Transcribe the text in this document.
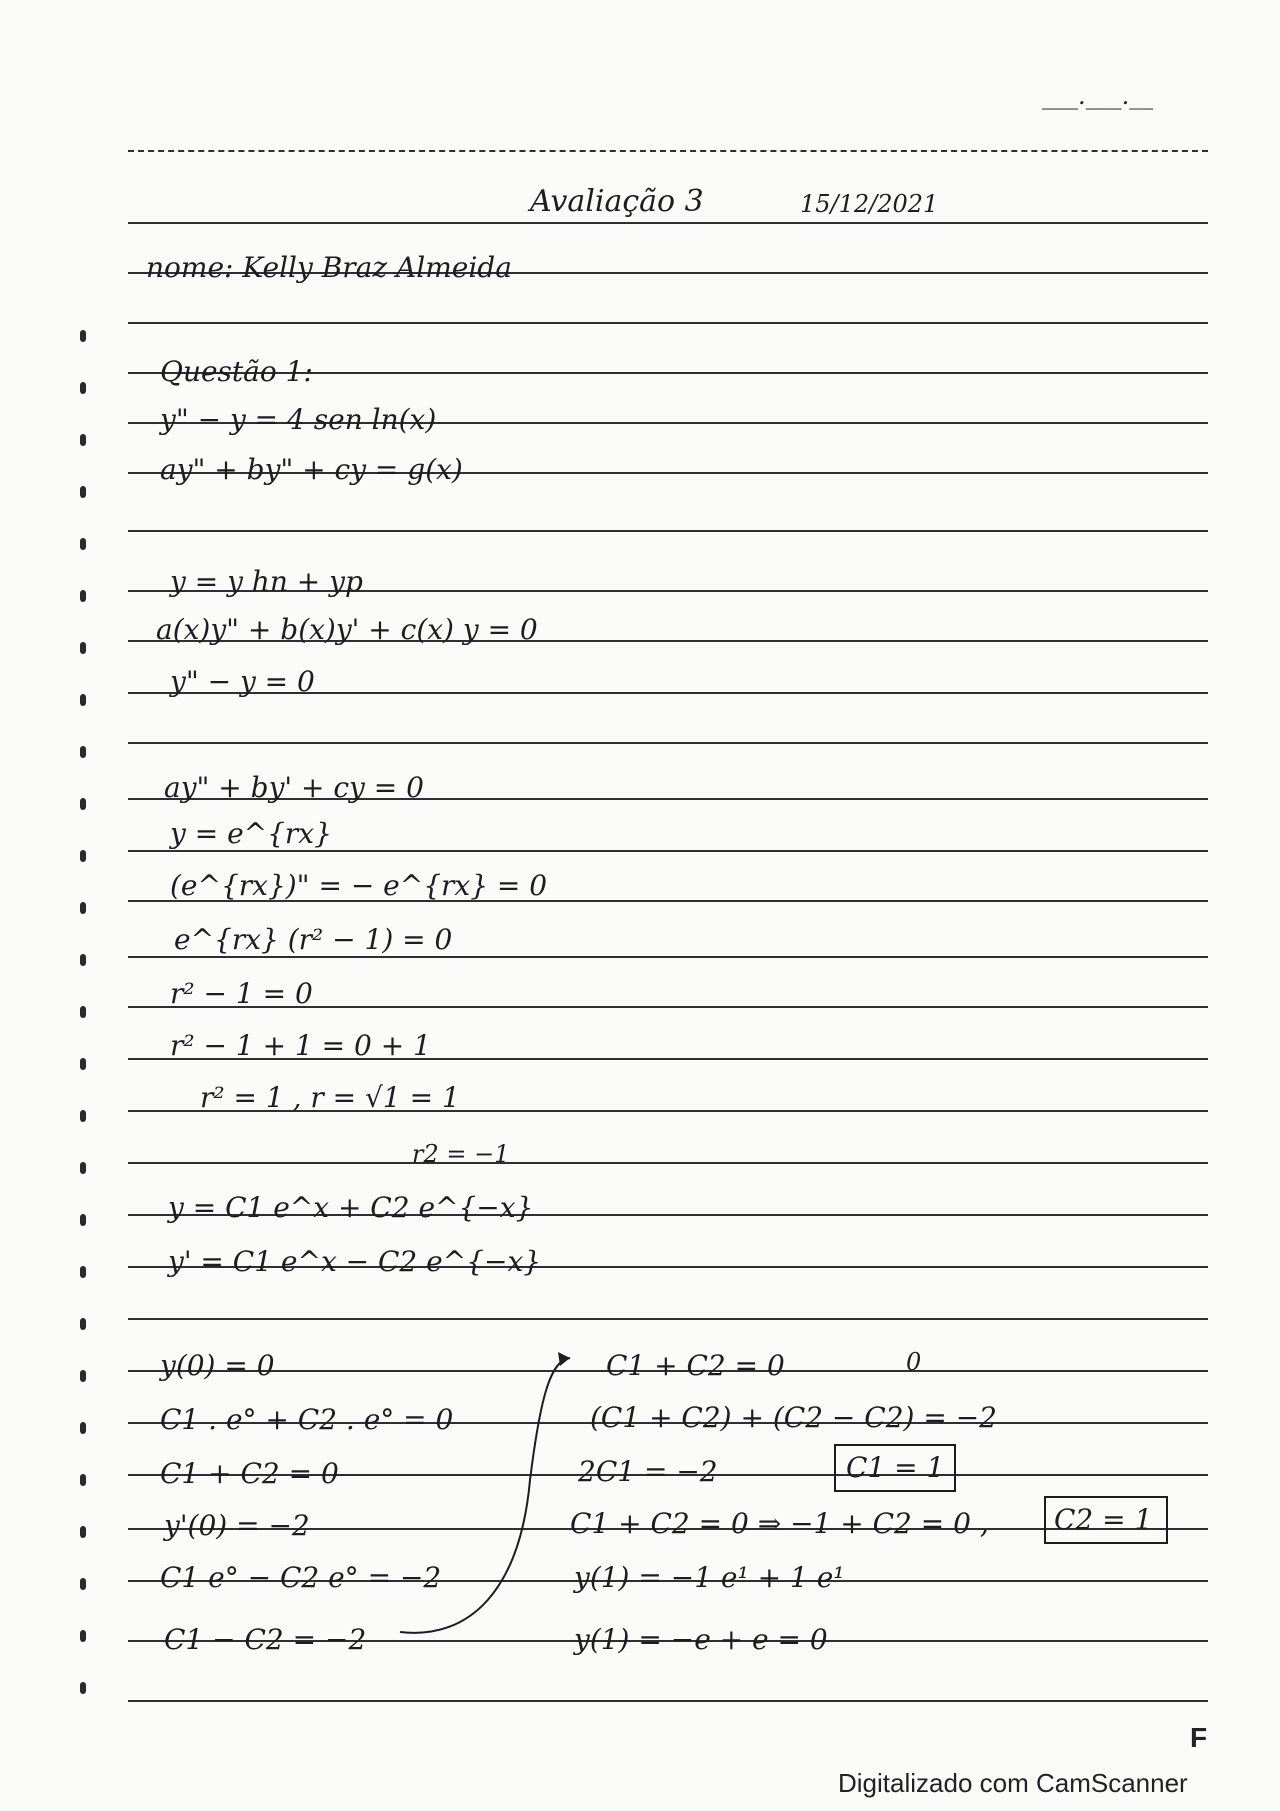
___.___.__
Avaliação 3	15/12/2021
nome: Kelly Braz Almeida
Questão 1:
y" − y = 4 sen ln(x)
ay" + by" + cy = g(x)
y = y hn + yp
a(x)y" + b(x)y' + c(x) y = 0
y" − y = 0
ay" + by' + cy = 0
y = e^{rx}
(e^{rx})" = − e^{rx} = 0
e^{rx} (r² − 1) = 0
r² − 1 = 0
r² − 1 + 1 = 0 + 1
r² = 1 , r = √1 = 1
r2 = −1
y = C1 e^x + C2 e^{−x}
y' = C1 e^x − C2 e^{−x}
y(0) = 0
C1 . e° + C2 . e° = 0
C1 + C2 = 0
y'(0) = −2
C1 e° − C2 e° = −2
C1 − C2 = −2
0
C1 + C2 = 0
(C1 + C2) + (C2 − C2) = −2
2C1 = −2	C1 = 1
C1 + C2 = 0 ⇒ −1 + C2 = 0 , C2 = 1
y(1) = −1 e¹ + 1 e¹
y(1) = −e + e = 0
F
Digitalizado com CamScanner
